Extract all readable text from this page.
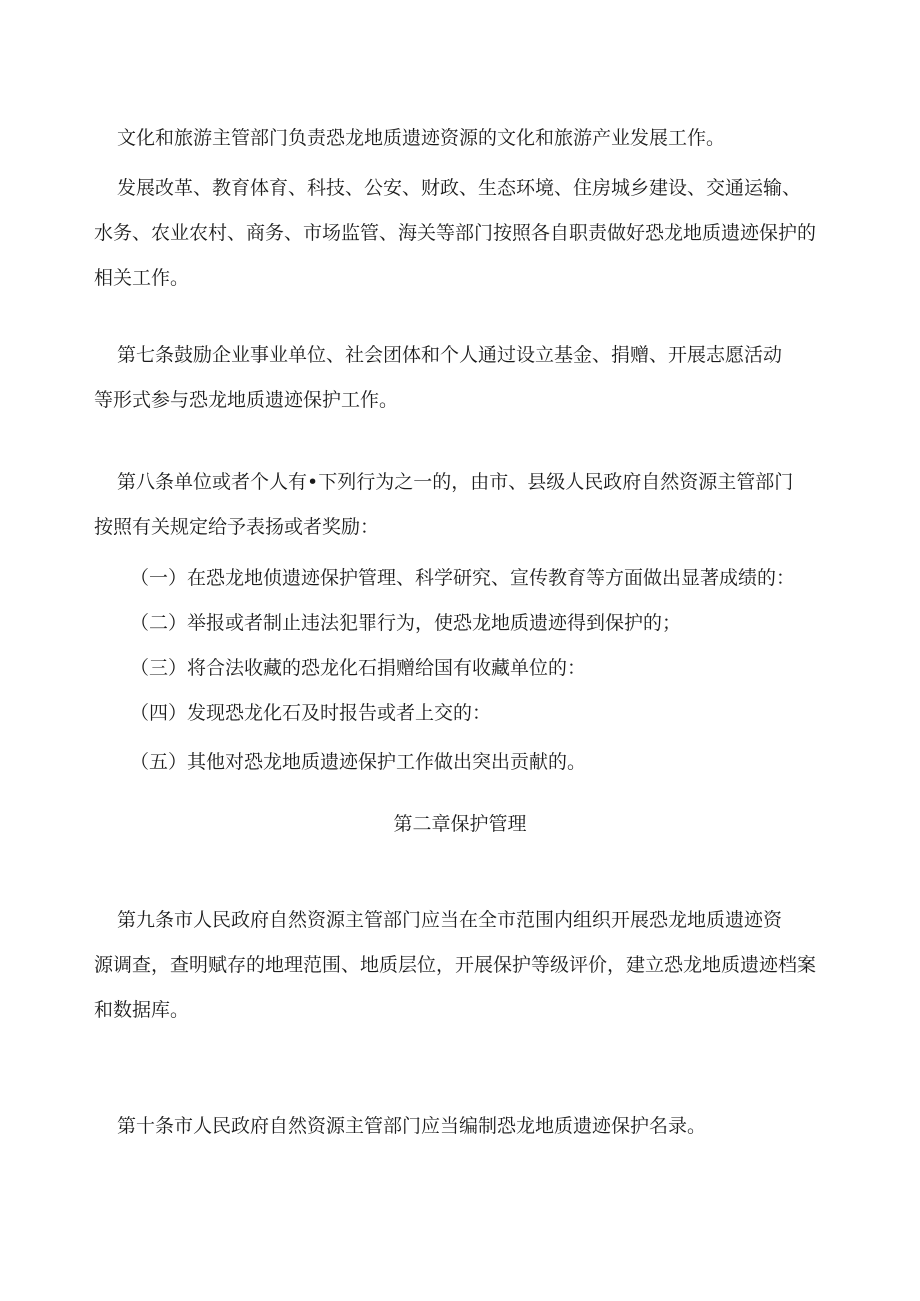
文化和旅游主管部门负责恐龙地质遗迹资源的文化和旅游产业发展工作。

发展改革、教育体育、科技、公安、财政、生态环境、住房城乡建设、交通运输、
水务、农业农村、商务、市场监管、海关等部门按照各自职责做好恐龙地质遗迹保护的
相关工作。

第七条鼓励企业事业单位、社会团体和个人通过设立基金、捐赠、开展志愿活动
等形式参与恐龙地质遗迹保护工作。

第八条单位或者个人有•下列行为之一的，由市、县级人民政府自然资源主管部门
按照有关规定给予表扬或者奖励：

（一）在恐龙地侦遗迹保护管理、科学研究、宣传教育等方面做出显著成绩的：

（二）举报或者制止违法犯罪行为，使恐龙地质遗迹得到保护的；

（三）将合法收藏的恐龙化石捐赠给国有收藏单位的：

（四）发现恐龙化石及时报告或者上交的：

（五）其他对恐龙地质遗迹保护工作做出突出贡献的。

第二章保护管理

第九条市人民政府自然资源主管部门应当在全市范围内组织开展恐龙地质遗迹资
源调查，查明赋存的地理范围、地质层位，开展保护等级评价，建立恐龙地质遗迹档案
和数据库。

第十条市人民政府自然资源主管部门应当编制恐龙地质遗迹保护名录。
